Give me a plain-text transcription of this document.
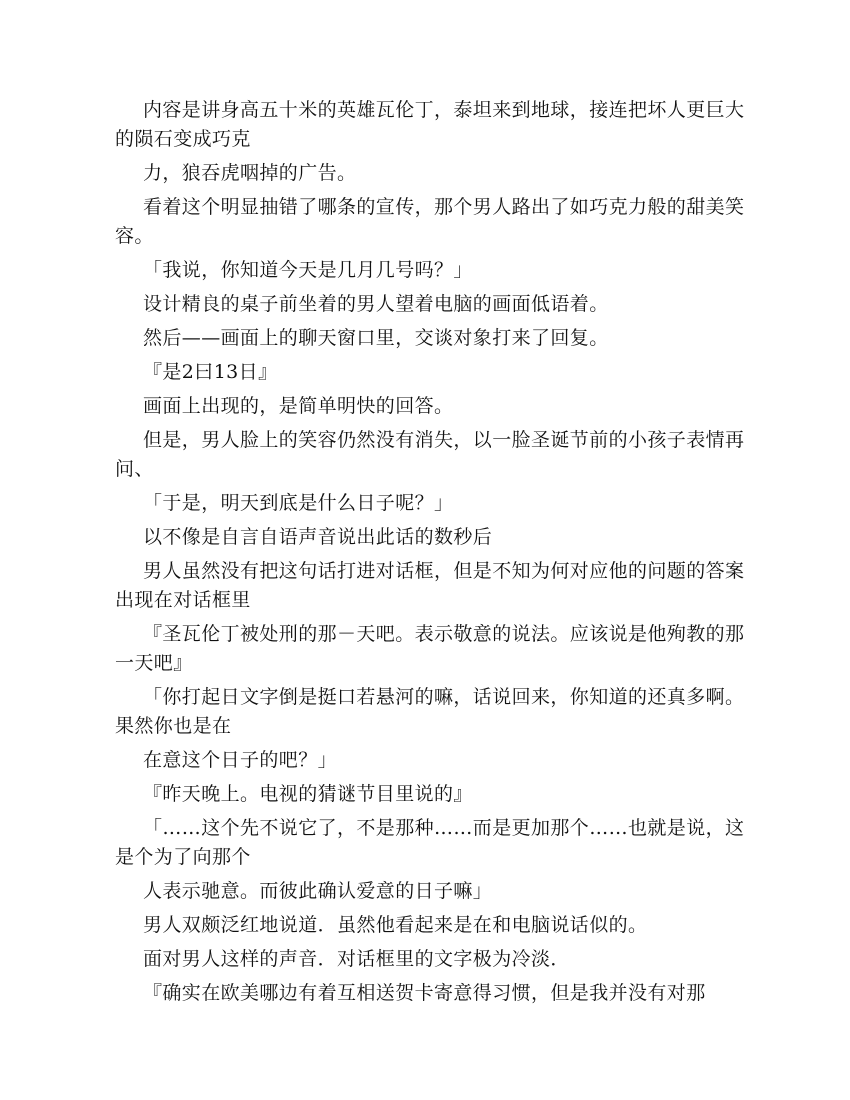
内容是讲身高五十米的英雄瓦伦丁，泰坦来到地球，接连把坏人更巨大的陨石变成巧克

力，狼吞虎咽掉的广告。

看着这个明显抽错了哪条的宣传，那个男人路出了如巧克力般的甜美笑容。

「我说，你知道今天是几月几号吗？」

设计精良的桌子前坐着的男人望着电脑的画面低语着。

然后——画面上的聊天窗口里，交谈对象打来了回复。

『是2曰13日』

画面上出现的，是简单明快的回答。

但是，男人脸上的笑容仍然没有消失，以一脸圣诞节前的小孩子表情再问、

「于是，明天到底是什么日子呢？」

以不像是自言自语声音说出此话的数秒后

男人虽然没有把这句话打进对话框，但是不知为何对应他的问题的答案出现在对话框里

『圣瓦伦丁被处刑的那－天吧。表示敬意的说法。应该说是他殉教的那一天吧』

「你打起日文字倒是挺口若悬河的嘛，话说回来，你知道的还真多啊。果然你也是在

在意这个日子的吧？」

『昨天晚上。电视的猜谜节目里说的』

「……这个先不说它了，不是那种……而是更加那个……也就是说，这是个为了向那个

人表示驰意。而彼此确认爱意的日子嘛」

男人双颇泛红地说道．虽然他看起来是在和电脑说话似的。

面对男人这样的声音．对话框里的文字极为冷淡．

『确实在欧美哪边有着互相送贺卡寄意得习惯，但是我并没有对那
